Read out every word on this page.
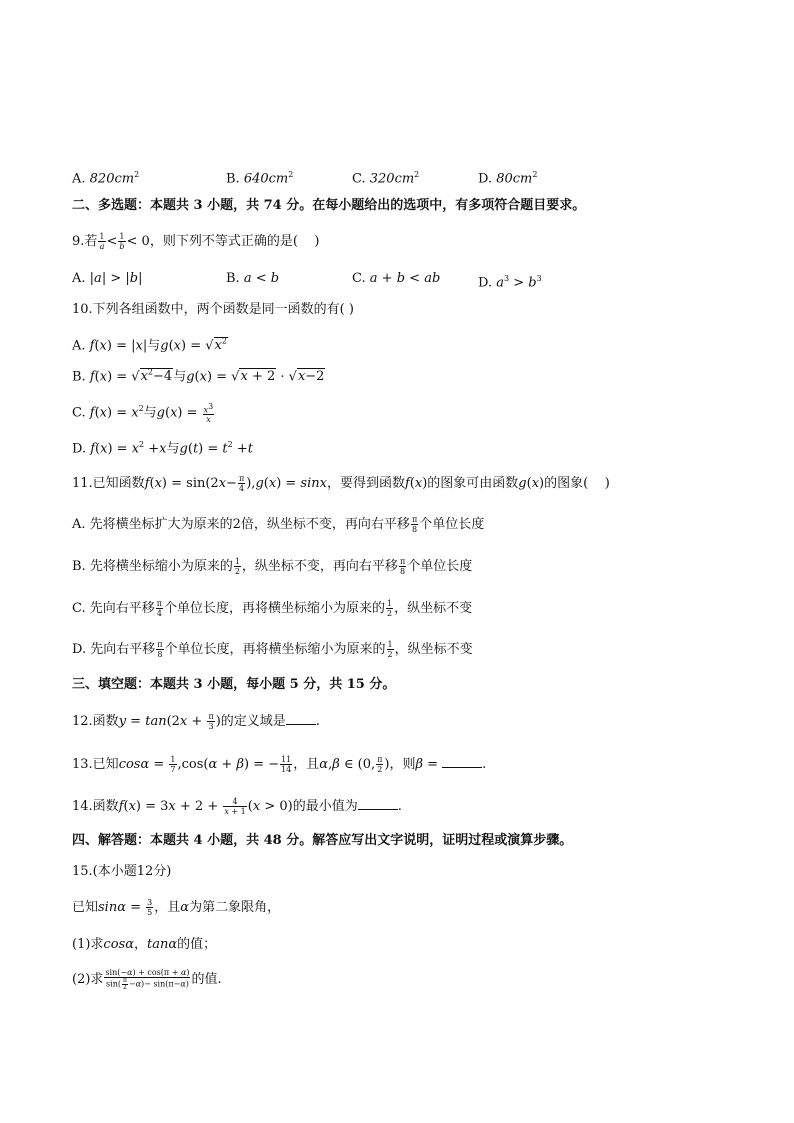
A. $820cm^2$	B. $640cm^2$	C. $320cm^2$	D. $80cm^2$
二、多选题：本题共 3 小题，共 74 分。在每小题给出的选项中，有多项符合题目要求。
9.若 $\frac{1}{a} < \frac{1}{b} < 0$，则下列不等式正确的是(    )
A. |a| > |b|	B. a < b	C. a + b < ab	D. $a^3 > b^3$
10.下列各组函数中，两个函数是同一函数的有( )
A. f(x) = |x|与$g(x) = √x^2$
B. $f(x) = √x^2-4$与g(x) = √x + 2 · √x−2
C. $f(x) = x^2$与$g(x) = \frac{x^3}{x}$
D. $f(x) = x^2 +x$与$g(t) = t^2 +t$
11.已知函数$f(x) = \sin(2x- \frac{\pi}{4} ),g(x) = \sin x$，要得到函数f(x)的图象可由函数g(x)的图象(    )
A. 先将横坐标扩大为原来的2倍，纵坐标不变，再向右平移 $\frac{\pi}{8}$ 个单位长度
B. 先将横坐标缩小为原来的 $\frac{1}{2}$ ，纵坐标不变，再向右平移 $\frac{\pi}{8}$ 个单位长度
C. 先向右平移 $\frac{\pi}{4}$ 个单位长度，再将横坐标缩小为原来的 $\frac{1}{2}$ ，纵坐标不变
D. 先向右平移 $\frac{\pi}{8}$ 个单位长度，再将横坐标缩小为原来的 $\frac{1}{2}$ ，纵坐标不变
三、填空题：本题共 3 小题，每小题 5 分，共 15 分。
12.函数$y = \tan(2x + \frac{\pi}{3}$ )的定义域是 .
13.已知$\cos\alpha = \frac{1}{7} ,\cos(\alpha + \beta)$ = − $\frac{11}{14}$ ，且α,β ∈ (0, $\frac{\pi}{2}$ )，则β =	.
14.函数$f(x) = 3x + 2 + \frac{4}{x + 1} (x > 0)$的最小值为	.
四、解答题：本题共 4 小题，共 48 分。解答应写出文字说明，证明过程或演算步骤。
15.(本小题12分)
已知$\sin\alpha = \frac{3}{5}$ ，且α为第二象限角，
(1)求cosα，tanα的值；
(2)求 $\frac{\sin(-\alpha) + \cos(\pi + \alpha)}{\sin( \frac{\pi}{2} -\alpha)- \sin(\pi-\alpha)}$ 的值.
